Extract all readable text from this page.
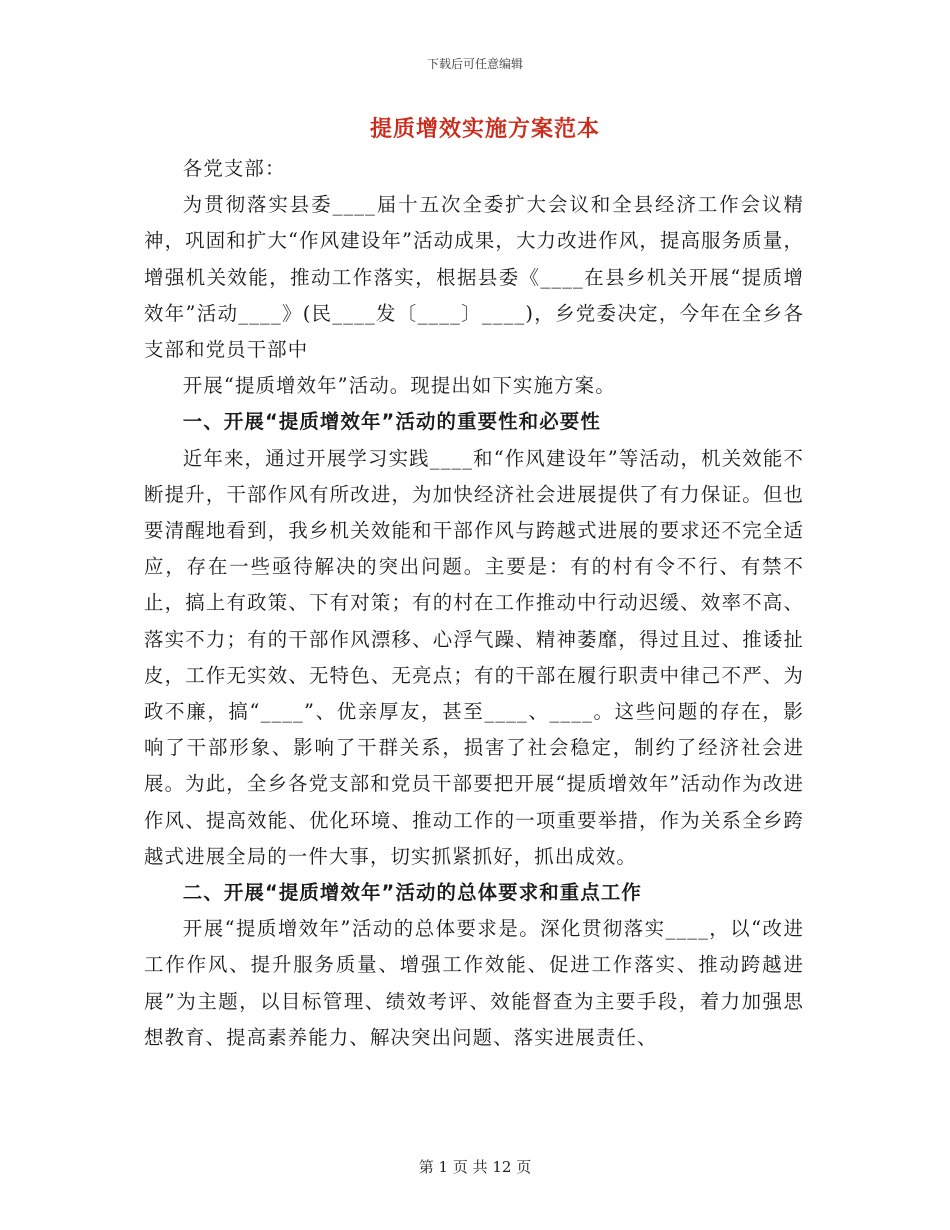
下载后可任意编辑
提质增效实施方案范本

各党支部：

为贯彻落实县委____届十五次全委扩大会议和全县经济工作会议精神，巩固和扩大“作风建设年”活动成果，大力改进作风，提高服务质量，增强机关效能，推动工作落实，根据县委《____在县乡机关开展“提质增效年”活动____》(民____发〔____〕____)，乡党委决定，今年在全乡各支部和党员干部中

开展“提质增效年”活动。现提出如下实施方案。

一、开展“提质增效年”活动的重要性和必要性

近年来，通过开展学习实践____和“作风建设年”等活动，机关效能不断提升，干部作风有所改进，为加快经济社会进展提供了有力保证。但也要清醒地看到，我乡机关效能和干部作风与跨越式进展的要求还不完全适应，存在一些亟待解决的突出问题。主要是：有的村有令不行、有禁不止，搞上有政策、下有对策；有的村在工作推动中行动迟缓、效率不高、落实不力；有的干部作风漂移、心浮气躁、精神萎靡，得过且过、推诿扯皮，工作无实效、无特色、无亮点；有的干部在履行职责中律己不严、为政不廉，搞“____”、优亲厚友，甚至____、____。这些问题的存在，影响了干部形象、影响了干群关系，损害了社会稳定，制约了经济社会进展。为此，全乡各党支部和党员干部要把开展“提质增效年”活动作为改进作风、提高效能、优化环境、推动工作的一项重要举措，作为关系全乡跨越式进展全局的一件大事，切实抓紧抓好，抓出成效。

二、开展“提质增效年”活动的总体要求和重点工作

开展“提质增效年”活动的总体要求是。深化贯彻落实____，以“改进工作作风、提升服务质量、增强工作效能、促进工作落实、推动跨越进展”为主题，以目标管理、绩效考评、效能督查为主要手段，着力加强思想教育、提高素养能力、解决突出问题、落实进展责任、

第 1 页 共 12 页
